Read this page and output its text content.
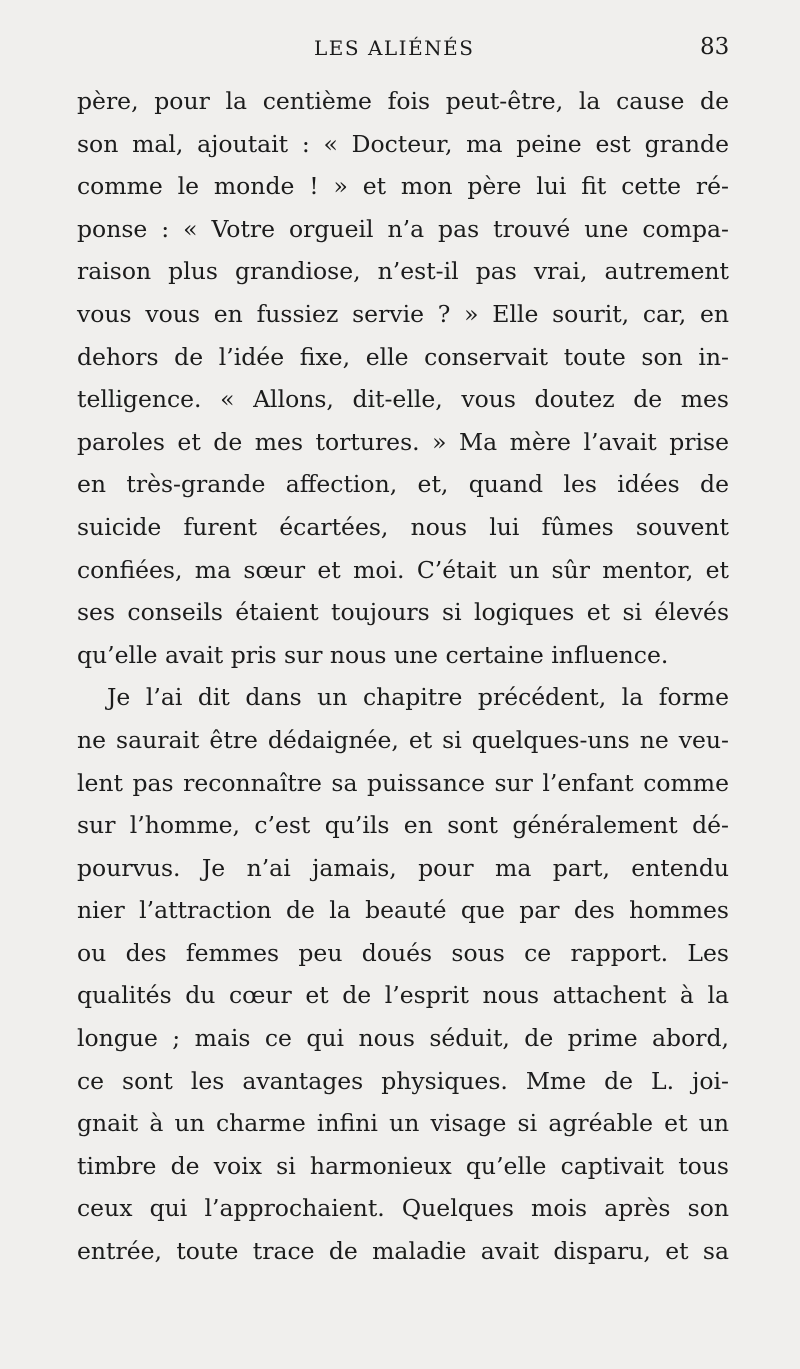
LES ALIÉNÉS	83
père, pour la centième fois peut-être, la cause de
son mal, ajoutait : « Docteur, ma peine est grande
comme le monde ! » et mon père lui fit cette ré-
ponse : « Votre orgueil n’a pas trouvé une compa-
raison plus grandiose, n’est-il pas vrai, autrement
vous vous en fussiez servie ? » Elle sourit, car, en
dehors de l’idée fixe, elle conservait toute son in-
telligence. « Allons, dit-elle, vous doutez de mes
paroles et de mes tortures. » Ma mère l’avait prise
en très-grande affection, et, quand les idées de
suicide furent écartées, nous lui fûmes souvent
confiées, ma sœur et moi. C’était un sûr mentor, et
ses conseils étaient toujours si logiques et si élevés
qu’elle avait pris sur nous une certaine influence.
Je l’ai dit dans un chapitre précédent, la forme
ne saurait être dédaignée, et si quelques-uns ne veu-
lent pas reconnaître sa puissance sur l’enfant comme
sur l’homme, c’est qu’ils en sont généralement dé-
pourvus. Je n’ai jamais, pour ma part, entendu
nier l’attraction de la beauté que par des hommes
ou des femmes peu doués sous ce rapport. Les
qualités du cœur et de l’esprit nous attachent à la
longue ; mais ce qui nous séduit, de prime abord,
ce sont les avantages physiques. Mme de L. joi-
gnait à un charme infini un visage si agréable et un
timbre de voix si harmonieux qu’elle captivait tous
ceux qui l’approchaient. Quelques mois après son
entrée, toute trace de maladie avait disparu, et sa
